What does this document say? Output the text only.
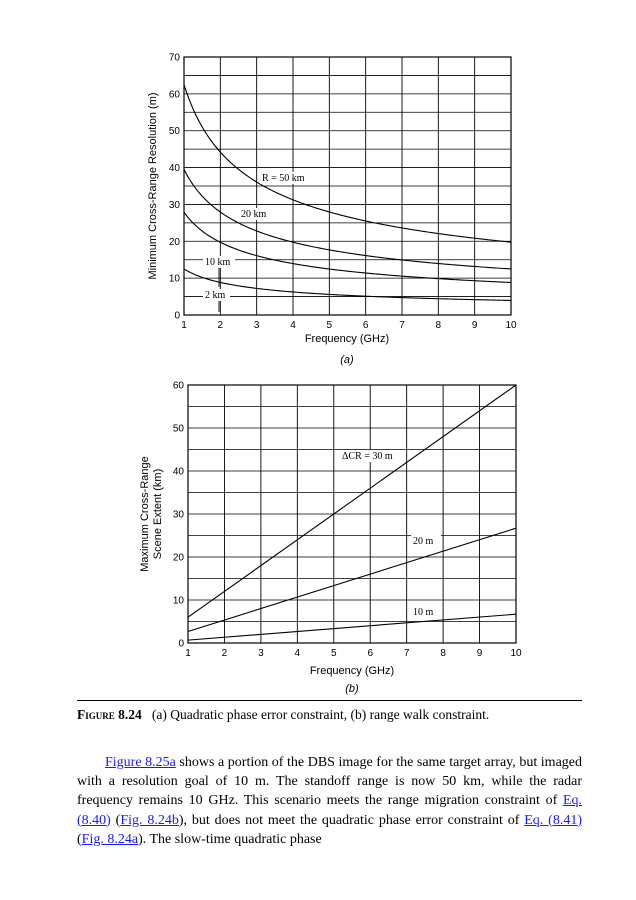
1	2	3	4	5	6	7	8	9	10
0
10
20
30
40
50
60
70
R = 50 km
20 km
10 km
2 km
Frequency (GHz)
Minimum Cross-Range Resolution (m)
(a)
1	2	3	4	5	6	7	8	9	10
0
10
20
30
40
50
60
ΔCR = 30 m
20 m
10 m
Frequency (GHz)
Maximum Cross-Range Scene Extent (km)
(b)
Figure 8.24 (a) Quadratic phase error constraint, (b) range walk constraint.

Figure 8.25a shows a portion of the DBS image for the same target array, but imaged with a resolution goal of 10 m. The standoff range is now 50 km, while the radar frequency remains 10 GHz. This scenario meets the range migration constraint of Eq. (8.40) (Fig. 8.24b), but does not meet the quadratic phase error constraint of Eq. (8.41) (Fig. 8.24a). The slow-time quadratic phase
